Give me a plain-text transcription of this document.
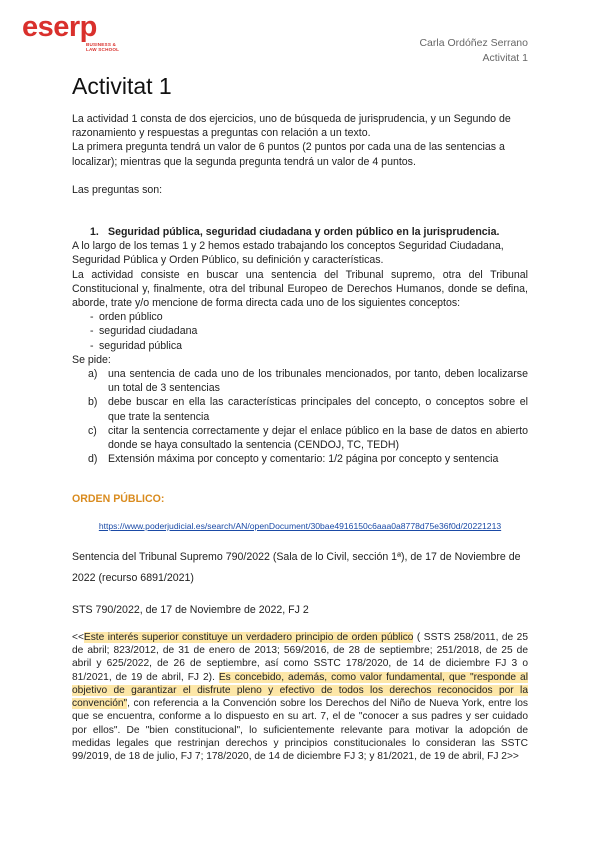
eserp
BUSINESS &
LAW SCHOOL
Carla Ordóñez Serrano
Activitat 1
Activitat 1

La actividad 1 consta de dos ejercicios, uno de búsqueda de jurisprudencia, y un Segundo de razonamiento y respuestas a preguntas con relación a un texto.

La primera pregunta tendrá un valor de 6 puntos (2 puntos por cada una de las sentencias a localizar); mientras que la segunda pregunta tendrá un valor de 4 puntos.

Las preguntas son:

1. Seguridad pública, seguridad ciudadana y orden público en la jurisprudencia.

A lo largo de los temas 1 y 2 hemos estado trabajando los conceptos Seguridad Ciudadana, Seguridad Pública y Orden Público, su definición y características.

La actividad consiste en buscar una sentencia del Tribunal supremo, otra del Tribunal Constitucional y, finalmente, otra del tribunal Europeo de Derechos Humanos, donde se defina, aborde, trate y/o mencione de forma directa cada uno de los siguientes conceptos:

- orden público
- seguridad ciudadana
- seguridad pública

Se pide:

a) una sentencia de cada uno de los tribunales mencionados, por tanto, deben localizarse un total de 3 sentencias
b) debe buscar en ella las características principales del concepto, o conceptos sobre el que trate la sentencia
c)	citar la sentencia correctamente y dejar el enlace público en la base de datos en abierto donde se haya consultado la sentencia (CENDOJ, TC, TEDH)
d) Extensión máxima por concepto y comentario: 1/2 página por concepto y sentencia

ORDEN PÚBLICO:

https://www.poderjudicial.es/search/AN/openDocument/30bae4916150c6aaa0a8778d75e36f0d/20221213

Sentencia del Tribunal Supremo 790/2022 (Sala de lo Civil, sección 1ª), de 17 de Noviembre de 2022 (recurso 6891/2021)

STS 790/2022, de 17 de Noviembre de 2022, FJ 2

<<Este interés superior constituye un verdadero principio de orden público ( SSTS 258/2011, de 25 de abril; 823/2012, de 31 de enero de 2013; 569/2016, de 28 de septiembre; 251/2018, de 25 de abril y 625/2022, de 26 de septiembre, así como SSTC 178/2020, de 14 de diciembre FJ 3 o 81/2021, de 19 de abril, FJ 2). Es concebido, además, como valor fundamental, que "responde al objetivo de garantizar el disfrute pleno y efectivo de todos los derechos reconocidos por la convención", con referencia a la Convención sobre los Derechos del Niño de Nueva York, entre los que se encuentra, conforme a lo dispuesto en su art. 7, el de "conocer a sus padres y ser cuidado por ellos". De "bien constitucional", lo suficientemente relevante para motivar la adopción de medidas legales que restrinjan derechos y principios constitucionales lo consideran las SSTC 99/2019, de 18 de julio, FJ 7; 178/2020, de 14 de diciembre FJ 3; y 81/2021, de 19 de abril, FJ 2>>
